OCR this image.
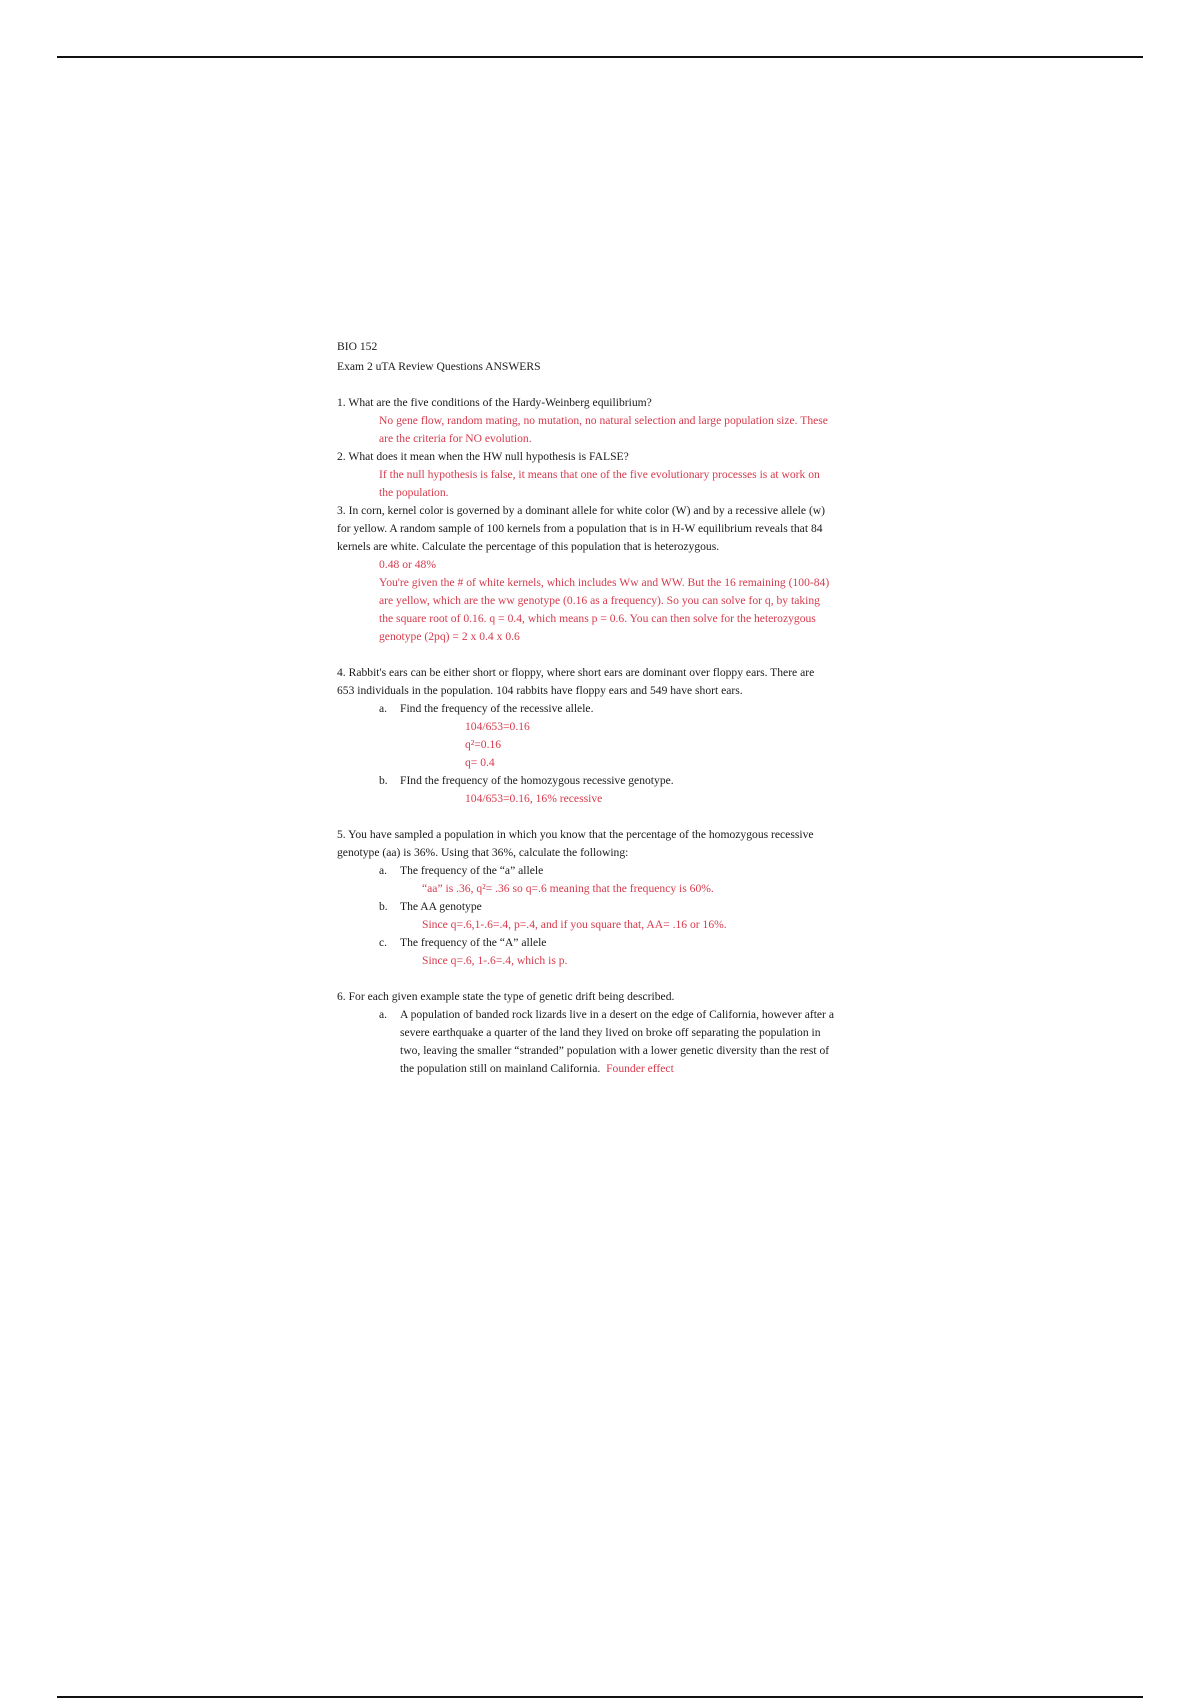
BIO 152
Exam 2 uTA Review Questions ANSWERS
1. What are the five conditions of the Hardy-Weinberg equilibrium?
No gene flow, random mating, no mutation, no natural selection and large population size. These
are the criteria for NO evolution.
2. What does it mean when the HW null hypothesis is FALSE?
If the null hypothesis is false, it means that one of the five evolutionary processes is at work on
the population.
3. In corn, kernel color is governed by a dominant allele for white color (W) and by a recessive allele (w)
for yellow. A random sample of 100 kernels from a population that is in H-W equilibrium reveals that 84
kernels are white. Calculate the percentage of this population that is heterozygous.
0.48 or 48%
You're given the # of white kernels, which includes Ww and WW. But the 16 remaining (100-84)
are yellow, which are the ww genotype (0.16 as a frequency). So you can solve for q, by taking
the square root of 0.16. q = 0.4, which means p = 0.6. You can then solve for the heterozygous
genotype (2pq) = 2 x 0.4 x 0.6
4. Rabbit's ears can be either short or floppy, where short ears are dominant over floppy ears. There are
653 individuals in the population. 104 rabbits have floppy ears and 549 have short ears.
a. Find the frequency of the recessive allele.
104/653=0.16
q²=0.16
q= 0.4
b. FInd the frequency of the homozygous recessive genotype.
104/653=0.16, 16% recessive
5. You have sampled a population in which you know that the percentage of the homozygous recessive
genotype (aa) is 36%. Using that 36%, calculate the following:
a. The frequency of the “a” allele
“aa” is .36, q²= .36 so q=.6 meaning that the frequency is 60%.
b. The AA genotype
Since q=.6,1-.6=.4, p=.4, and if you square that, AA= .16 or 16%.
c. The frequency of the “A” allele
Since q=.6, 1-.6=.4, which is p.
6. For each given example state the type of genetic drift being described.
a. A population of banded rock lizards live in a desert on the edge of California, however after a
severe earthquake a quarter of the land they lived on broke off separating the population in
two, leaving the smaller “stranded” population with a lower genetic diversity than the rest of
the population still on mainland California. Founder effect
